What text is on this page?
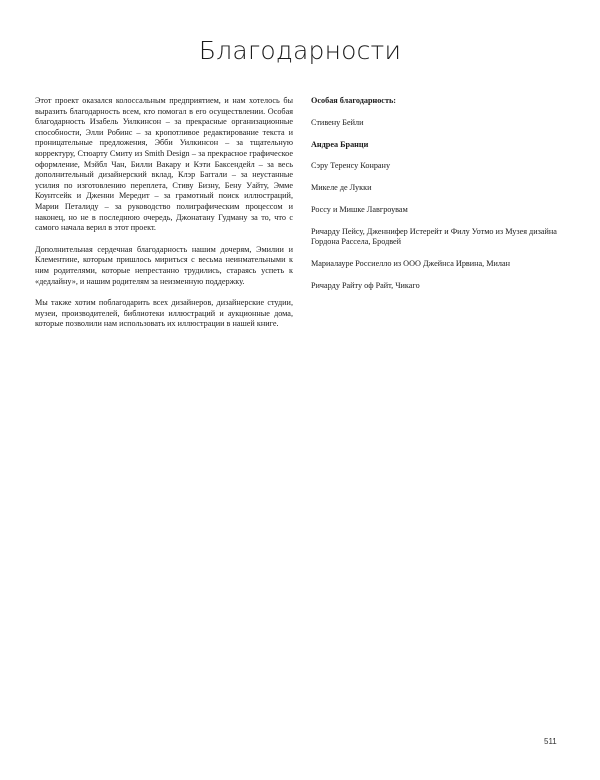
Благодарности

Этот проект оказался колоссальным предприятием, и нам хотелось бы выразить благодарность всем, кто помогал в его осуществлении. Особая благодарность Изабель Уилкинсон – за прекрасные организационные способности, Элли Робинс – за кропотливое редактирование текста и проницательные предложения, Эбби Уилкинсон – за тщательную корректуру, Стюарту Смиту из Smith Design – за прекрасное графическое оформление, Мэйбл Чан, Билли Вакару и Кэти Баксендейл – за весь дополнительный дизайнерский вклад, Клэр Баггали – за неустанные усилия по изготовлению переплета, Стиву Бизну, Бену Уайту, Эмме Коунтсейк и Дженни Мередит – за грамотный поиск иллюстраций, Марии Петалиду – за руководство полиграфическим процессом и наконец, но не в последнюю очередь, Джонатану Гудману за то, что с самого начала верил в этот проект.

Дополнительная сердечная благодарность нашим дочерям, Эмилии и Клементине, которым пришлось мириться с весьма неинмательными к ним родителями, которые непрестанно трудились, стараясь успеть к «дедлайну», и нашим родителям за неизменную поддержку.

Мы также хотим поблагодарить всех дизайнеров, дизайнерские студии, музеи, производителей, библиотеки иллюстраций и аукционные дома, которые позволили нам использовать их иллюстрации в нашей книге.

Особая благодарность:

Стивену Бейли

Андреа Бранци

Сэру Теренсу Конрану

Микеле де Лукки

Россу и Мишке Лавгроувам

Ричарду Пейсу, Дженнифер Истерейт и Филу Уотмо из Музея дизайна Гордона Рассела, Бродвей

Мариалауре Россиелло из ООО Джейнса Ирвина, Милан

Ричарду Райту оф Райт, Чикаго

511
